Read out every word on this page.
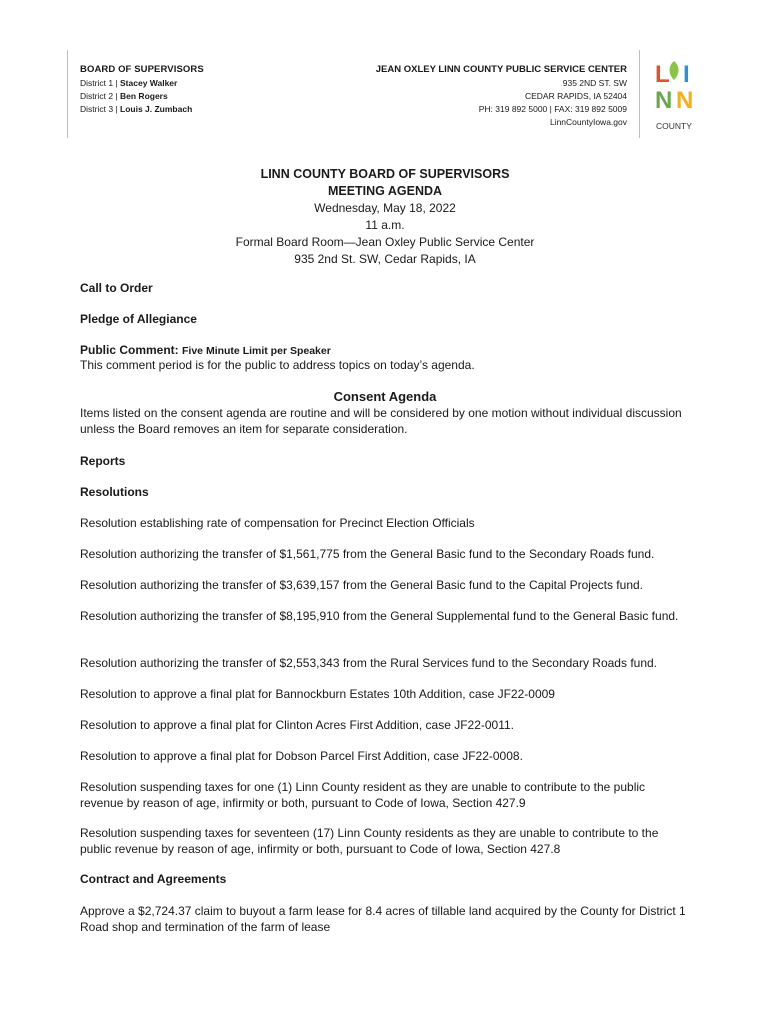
BOARD OF SUPERVISORS
District 1 | Stacey Walker
District 2 | Ben Rogers
District 3 | Louis J. Zumbach
JEAN OXLEY LINN COUNTY PUBLIC SERVICE CENTER
935 2ND ST. SW
CEDAR RAPIDS, IA 52404
PH: 319 892 5000 | FAX: 319 892 5009
LinnCountyIowa.gov
L I
N N
COUNTY
LINN COUNTY BOARD OF SUPERVISORS
MEETING AGENDA
Wednesday, May 18, 2022
11 a.m.
Formal Board Room—Jean Oxley Public Service Center
935 2nd St. SW, Cedar Rapids, IA
Call to Order
Pledge of Allegiance
Public Comment: Five Minute Limit per Speaker
This comment period is for the public to address topics on today’s agenda.
Consent Agenda
Items listed on the consent agenda are routine and will be considered by one motion without individual discussion unless the Board removes an item for separate consideration.
Reports
Resolutions
Resolution establishing rate of compensation for Precinct Election Officials
Resolution authorizing the transfer of $1,561,775 from the General Basic fund to the Secondary Roads fund.
Resolution authorizing the transfer of $3,639,157 from the General Basic fund to the Capital Projects fund.
Resolution authorizing the transfer of $8,195,910 from the General Supplemental fund to the General Basic fund.
Resolution authorizing the transfer of $2,553,343 from the Rural Services fund to the Secondary Roads fund.
Resolution to approve a final plat for Bannockburn Estates 10th Addition, case JF22-0009
Resolution to approve a final plat for Clinton Acres First Addition, case JF22-0011.
Resolution to approve a final plat for Dobson Parcel First Addition, case JF22-0008.
Resolution suspending taxes for one (1) Linn County resident as they are unable to contribute to the public revenue by reason of age, infirmity or both, pursuant to Code of Iowa, Section 427.9
Resolution suspending taxes for seventeen (17) Linn County residents as they are unable to contribute to the public revenue by reason of age, infirmity or both, pursuant to Code of Iowa, Section 427.8
Contract and Agreements
Approve a $2,724.37 claim to buyout a farm lease for 8.4 acres of tillable land acquired by the County for District 1 Road shop and termination of the farm of lease
